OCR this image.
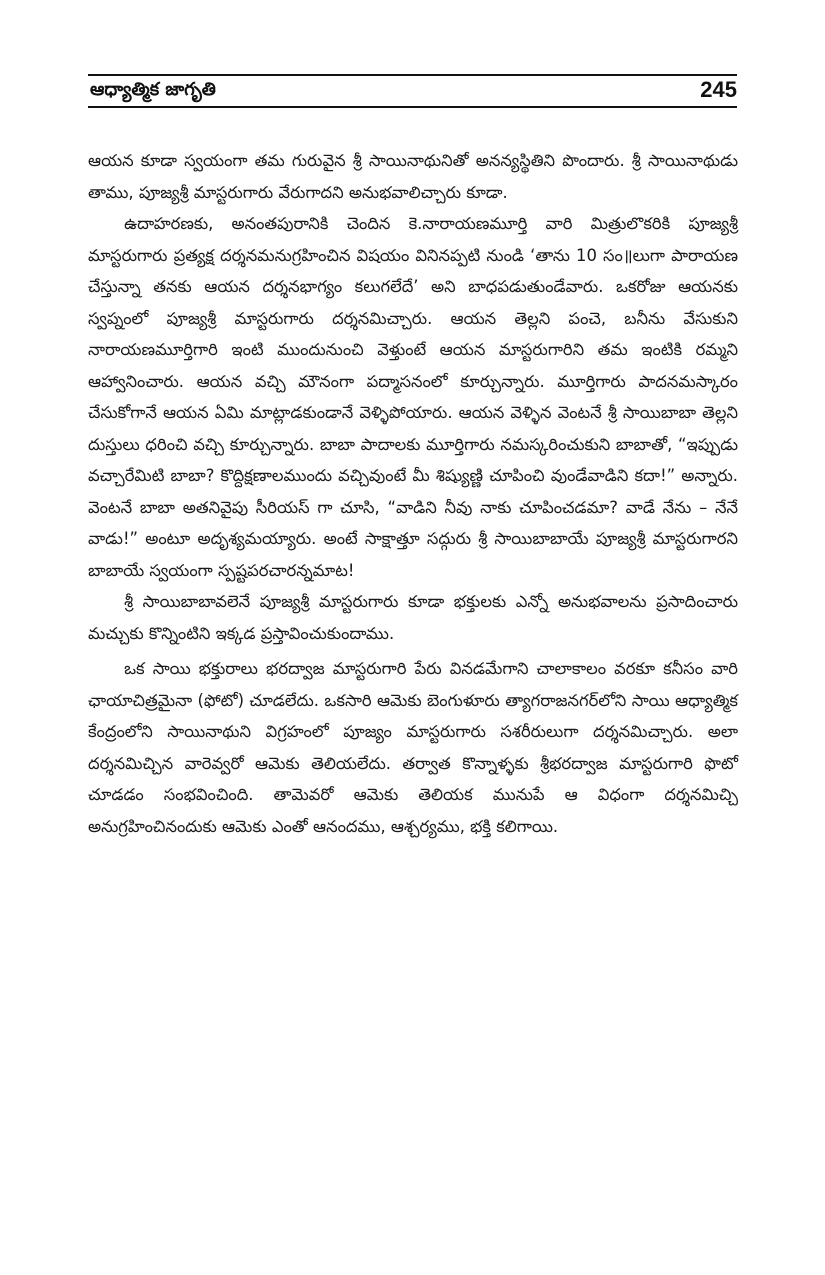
ఆధ్యాత్మిక జాగృతి	245

ఆయన కూడా స్వయంగా తమ గురువైన శ్రీ సాయినాథునితో అనన్యస్థితిని పొందారు. శ్రీ సాయినాథుడు తాము, పూజ్యశ్రీ మాస్టరుగారు వేరుగాదని అనుభవాలిచ్చారు కూడా.

ఉదాహరణకు, అనంతపురానికి చెందిన కె.నారాయణమూర్తి వారి మిత్రులొకరికి పూజ్యశ్రీ మాస్టరుగారు ప్రత్యక్ష దర్శనమనుగ్రహించిన విషయం వినినప్పటి నుండి ‘తాను 10 సం॥లుగా పారాయణ చేస్తున్నా తనకు ఆయన దర్శనభాగ్యం కలుగలేదే’ అని బాధపడుతుండేవారు. ఒకరోజు ఆయనకు స్వప్నంలో పూజ్యశ్రీ మాస్టరుగారు దర్శనమిచ్చారు. ఆయన తెల్లని పంచె, బనీను వేసుకుని నారాయణమూర్తిగారి ఇంటి ముందునుంచి వెళ్తుంటే ఆయన మాస్టరుగారిని తమ ఇంటికి రమ్మని ఆహ్వానించారు. ఆయన వచ్చి మౌనంగా పద్మాసనంలో కూర్చున్నారు. మూర్తిగారు పాదనమస్కారం చేసుకోగానే ఆయన ఏమి మాట్లాడకుండానే వెళ్ళిపోయారు. ఆయన వెళ్ళిన వెంటనే శ్రీ సాయిబాబా తెల్లని దుస్తులు ధరించి వచ్చి కూర్చున్నారు. బాబా పాదాలకు మూర్తిగారు నమస్కరించుకుని బాబాతో, “ఇప్పుడు వచ్చారేమిటి బాబా? కొద్దిక్షణాలముందు వచ్చివుంటే మీ శిష్యుణ్ణి చూపించి వుండేవాడిని కదా!” అన్నారు. వెంటనే బాబా అతనివైపు సీరియస్ గా చూసి, “వాడిని నీవు నాకు చూపించడమా? వాడే నేను – నేనే వాడు!” అంటూ అదృశ్యమయ్యారు. అంటే సాక్షాత్తూ సద్గురు శ్రీ సాయిబాబాయే పూజ్యశ్రీ మాస్టరుగారని బాబాయే స్వయంగా స్పష్టపరచారన్నమాట!

శ్రీ సాయిబాబావలెనే పూజ్యశ్రీ మాస్టరుగారు కూడా భక్తులకు ఎన్నో అనుభవాలను ప్రసాదించారు మచ్చుకు కొన్నింటిని ఇక్కడ ప్రస్తావించుకుందాము.

ఒక సాయి భక్తురాలు భరద్వాజ మాస్టరుగారి పేరు వినడమేగాని చాలాకాలం వరకూ కనీసం వారి ఛాయాచిత్రమైనా (ఫోటో) చూడలేదు. ఒకసారి ఆమెకు బెంగుళూరు త్యాగరాజనగర్‌లోని సాయి ఆధ్యాత్మిక కేంద్రంలోని సాయినాథుని విగ్రహంలో పూజ్యం మాస్టరుగారు సశరీరులుగా దర్శనమిచ్చారు. అలా దర్శనమిచ్చిన వారెవ్వరో ఆమెకు తెలియలేదు. తర్వాత కొన్నాళ్ళకు శ్రీభరద్వాజ మాస్టరుగారి ఫొటో చూడడం సంభవించింది. తామెవరో ఆమెకు తెలియక మునుపే ఆ విధంగా దర్శనమిచ్చి అనుగ్రహించినందుకు ఆమెకు ఎంతో ఆనందము, ఆశ్చర్యము, భక్తి కలిగాయి.
